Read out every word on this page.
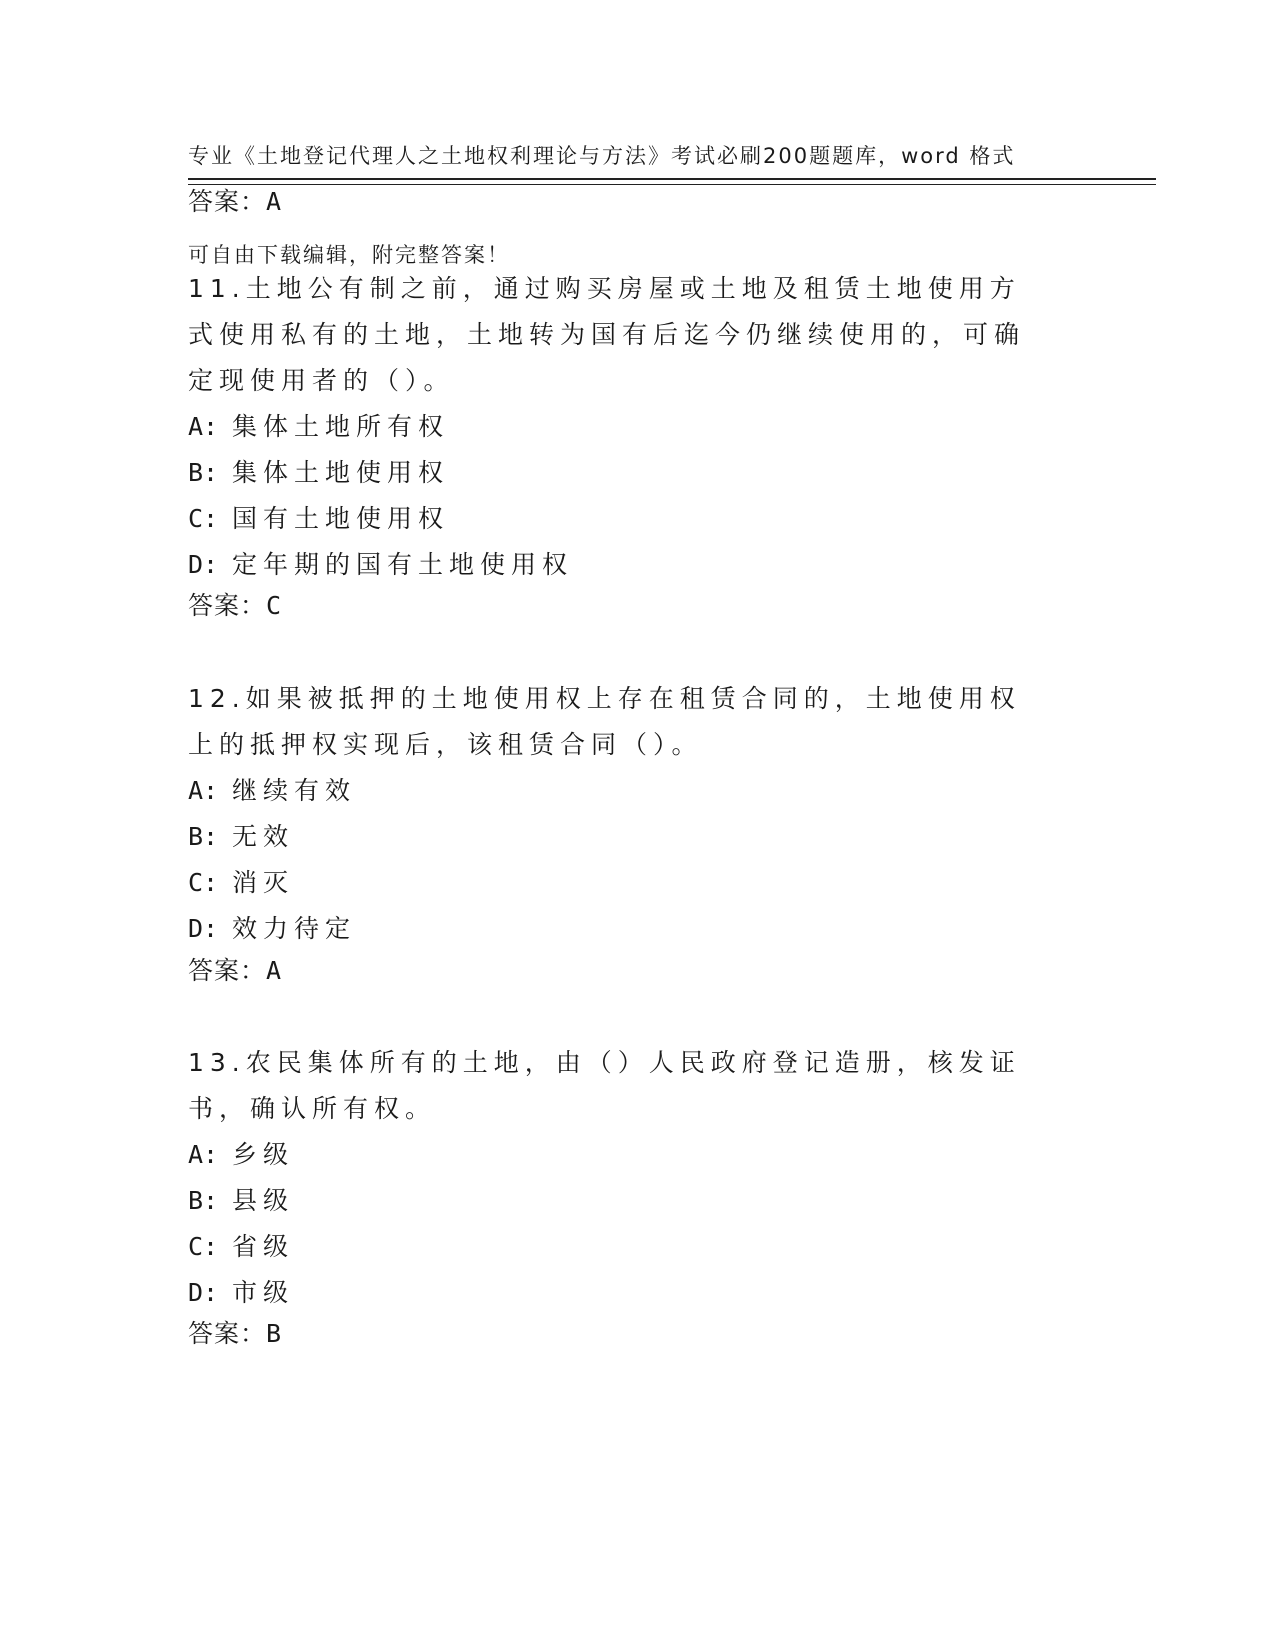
专业《土地登记代理人之土地权利理论与方法》考试必刷200题题库，word 格式

可自由下载编辑，附完整答案！

答案：A

11.土地公有制之前，通过购买房屋或土地及租赁土地使用方式使用私有的土地，土地转为国有后迄今仍继续使用的，可确定现使用者的（）。

A: 集体土地所有权
B: 集体土地使用权
C: 国有土地使用权
D: 定年期的国有土地使用权
答案：C

12.如果被抵押的土地使用权上存在租赁合同的，土地使用权上的抵押权实现后，该租赁合同（）。

A: 继续有效
B: 无效
C: 消灭
D: 效力待定
答案：A

13.农民集体所有的土地，由（）人民政府登记造册，核发证书，确认所有权。

A: 乡级
B: 县级
C: 省级
D: 市级
答案：B
